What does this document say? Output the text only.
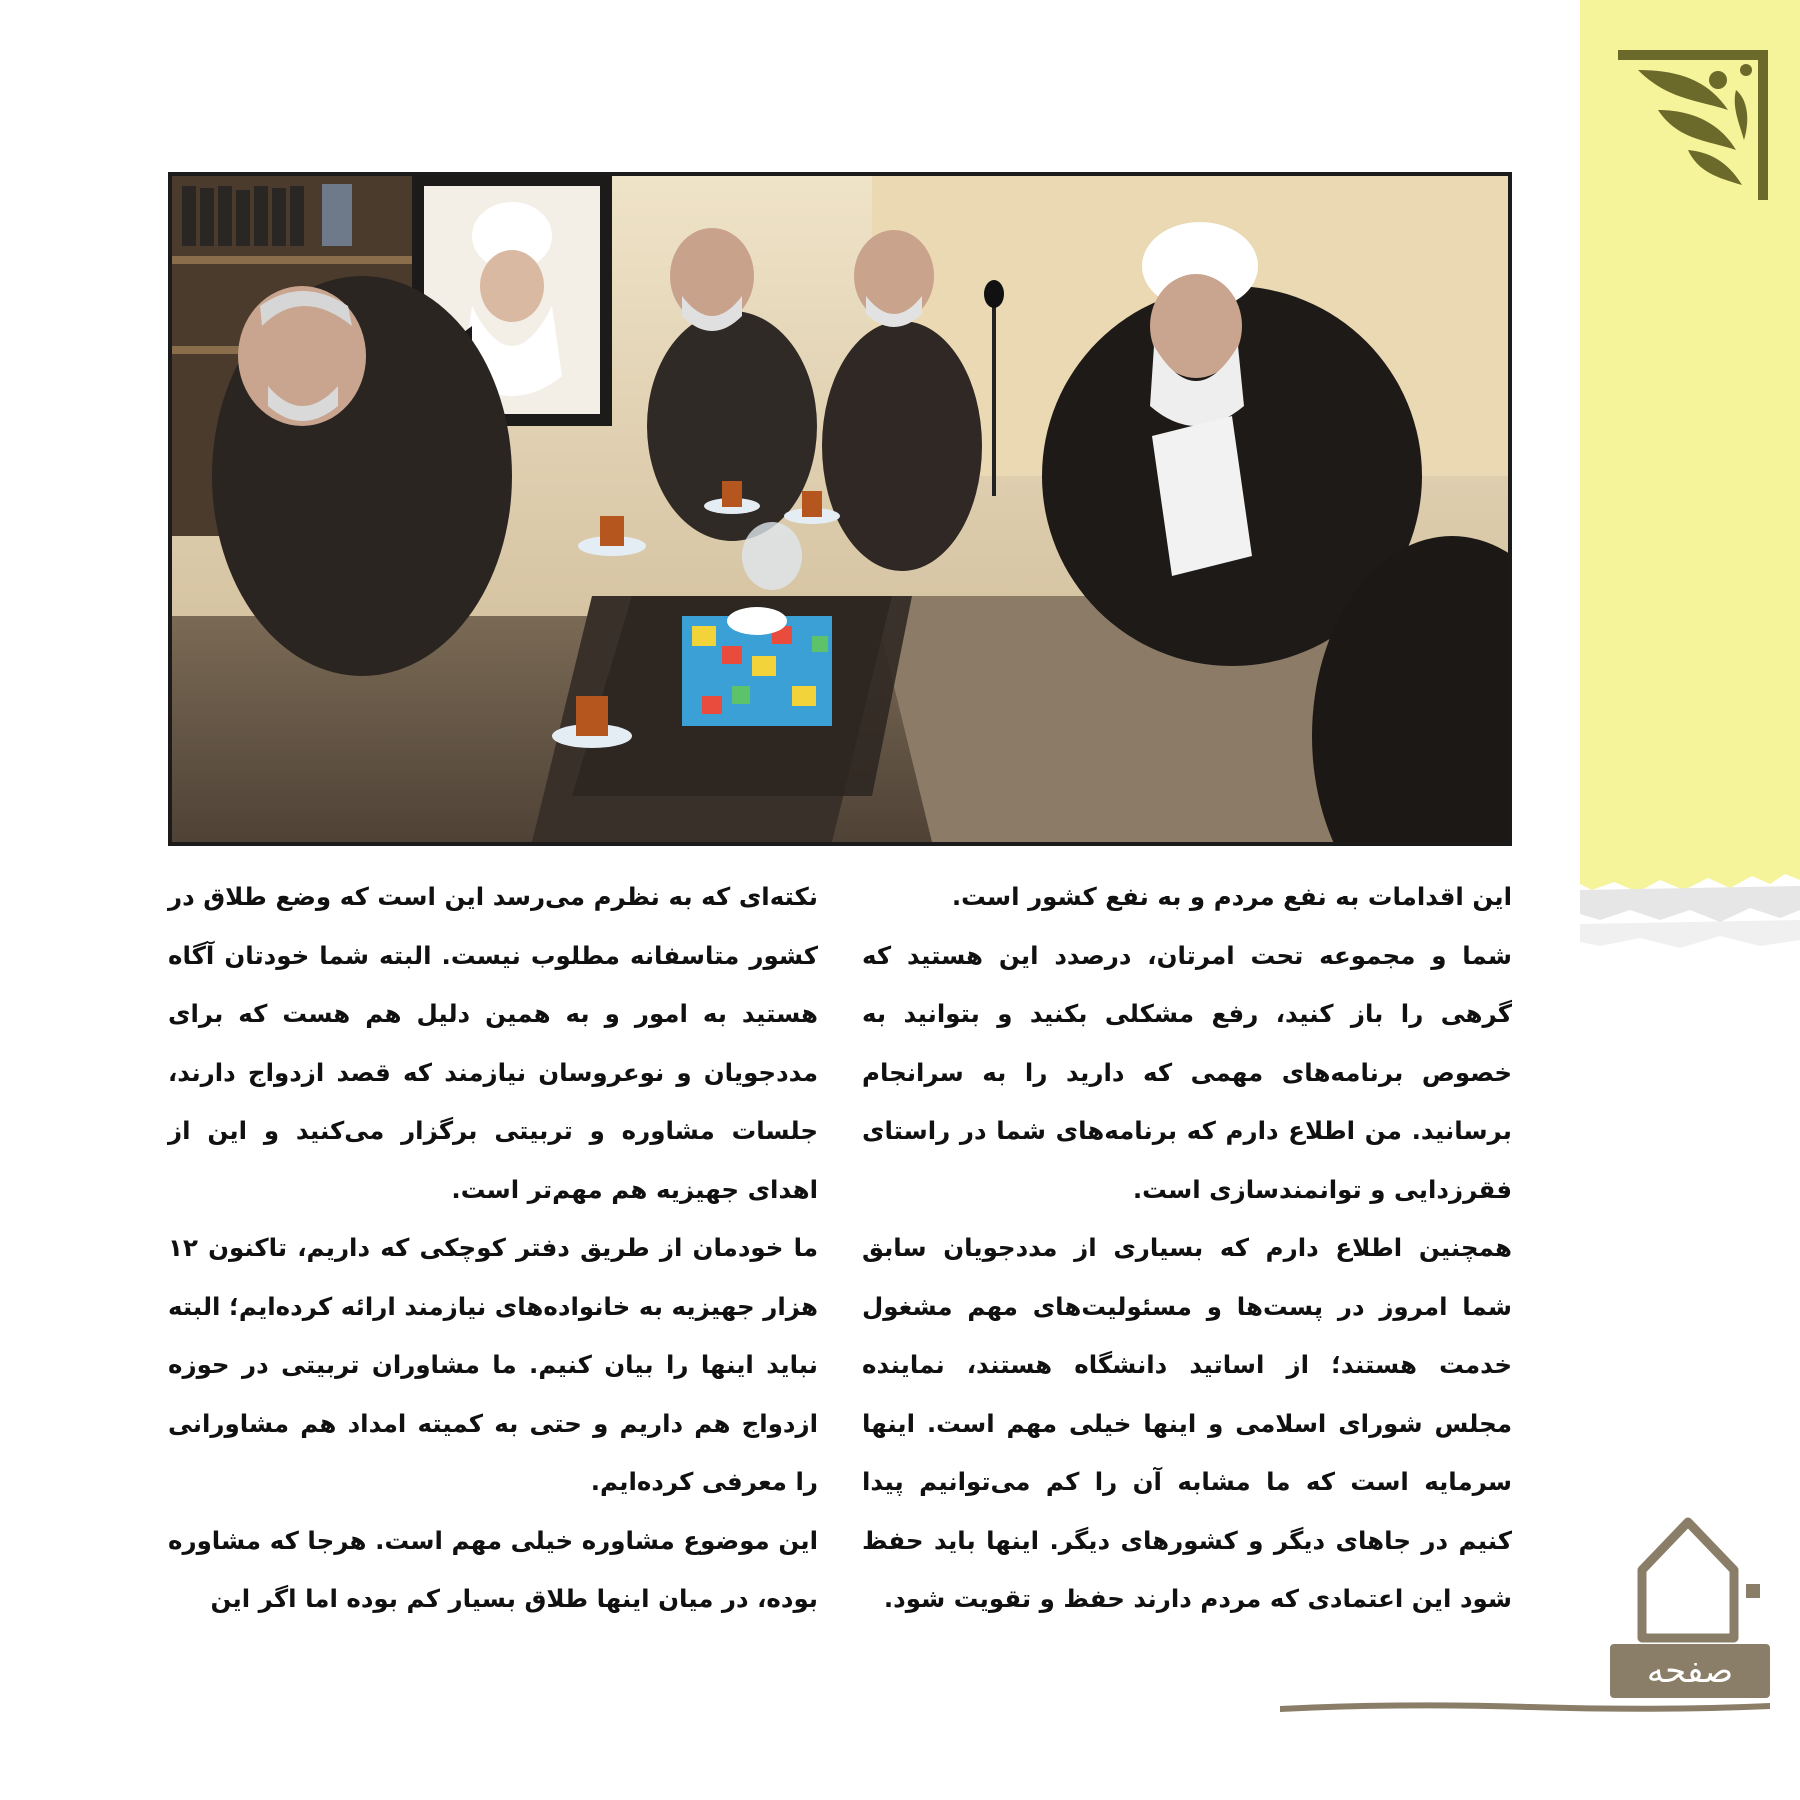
این اقدامات به نفع مردم و به نفع کشور است.

شما و مجموعه تحت امرتان، درصدد این هستید که گرهی را باز کنید، رفع مشکلی بکنید و بتوانید به خصوص برنامه‌های مهمی که دارید را به سرانجام برسانید. من اطلاع دارم که برنامه‌های شما در راستای فقرزدایی و توانمندسازی است.

همچنین اطلاع دارم که بسیاری از مددجویان سابق شما امروز در پست‌ها و مسئولیت‌های مهم مشغول خدمت هستند؛ از اساتید دانشگاه هستند، نماینده مجلس شورای اسلامی و اینها خیلی مهم است. اینها سرمایه است که ما مشابه آن را کم می‌توانیم پیدا کنیم در جاهای دیگر و کشورهای دیگر. اینها باید حفظ شود این اعتمادی که مردم دارند حفظ و تقویت شود.

نکته‌ای که به نظرم می‌رسد این است که وضع طلاق در کشور متاسفانه مطلوب نیست. البته شما خودتان آگاه هستید به امور و به همین دلیل هم هست که برای مددجویان و نوعروسان نیازمند که قصد ازدواج دارند، جلسات مشاوره و تربیتی برگزار می‌کنید و این از اهدای جهیزیه هم مهم‌تر است.

ما خودمان از طریق دفتر کوچکی که داریم، تاکنون ۱۲ هزار جهیزیه به خانواده‌های نیازمند ارائه کرده‌ایم؛ البته نباید اینها را بیان کنیم. ما مشاوران تربیتی در حوزه ازدواج هم داریم و حتی به کمیته امداد هم مشاورانی را معرفی کرده‌ایم.

این موضوع مشاوره خیلی مهم است. هرجا که مشاوره بوده، در میان اینها طلاق بسیار کم بوده اما اگر این

صفحه
